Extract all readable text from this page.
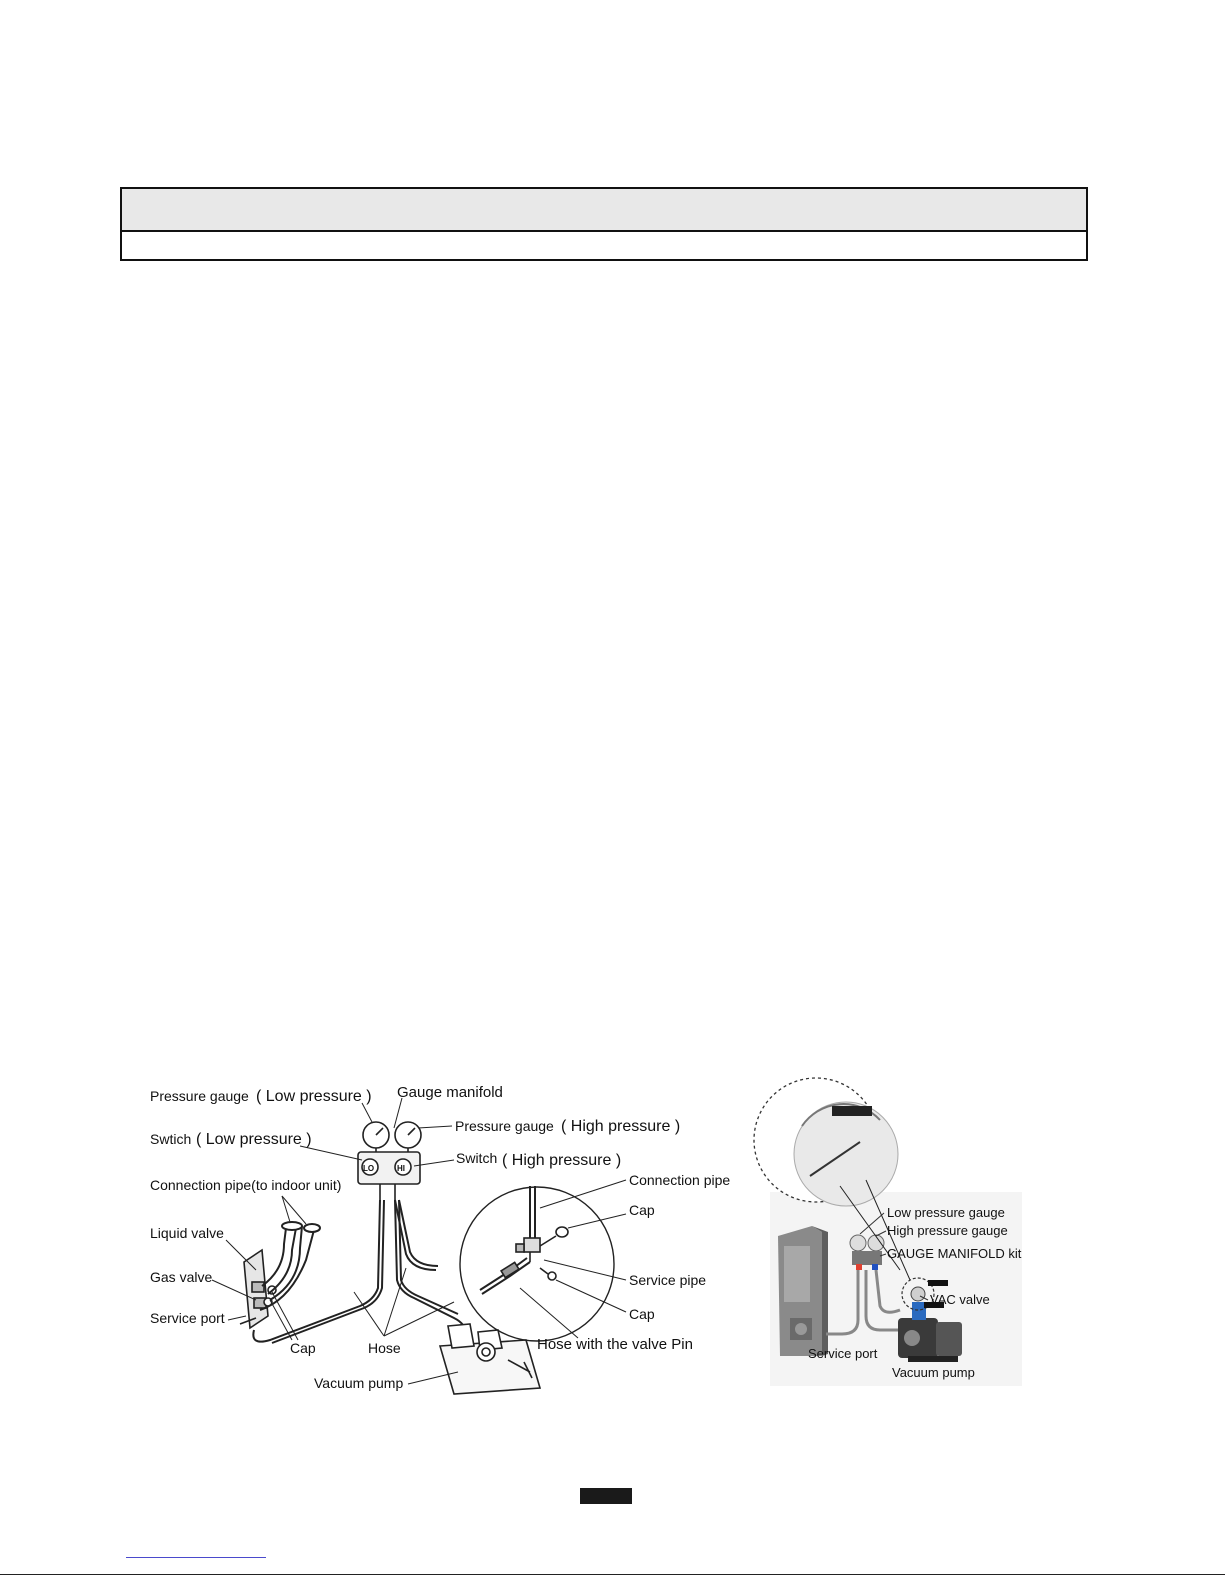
Pressure gauge ( Low pressure ) Gauge manifold
Pressure gauge ( High pressure )
Swtich ( Low pressure )
Switch ( High pressure )
Connection pipe(to indoor unit)
Liquid valve
Gas valve
Service port
Cap	Hose
Vacuum pump
Connection pipe
Cap
Service pipe
Cap
Hose with the valve Pin
LO	HI
Low pressure gauge
High pressure gauge
GAUGE MANIFOLD kit
VAC valve
Service port
Vacuum pump
